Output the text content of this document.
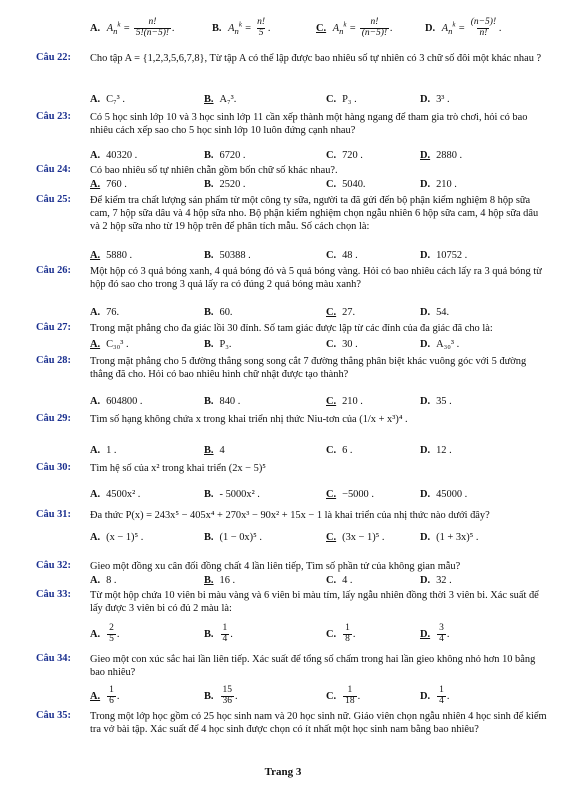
A. $A_n^k = \frac{n!}{5!(n-5)!}$ .	B. $A_n^k = \frac{n!}{5}$ .	C. $A_n^k = \frac{n!}{(n-5)!}$ .	D. $A_n^k = \frac{(n-5)!}{n!}$ .
Câu 22: Cho tập A = {1,2,3,5,6,7,8}, Từ tập A có thể lập được bao nhiêu số tự nhiên có 3 chữ số đôi một khác nhau ?
A. C₇³ .	B. A₇³.	C. P₃ .	D. 3³ .
Câu 23: Có 5 học sinh lớp 10 và 3 học sinh lớp 11 cần xếp thành một hàng ngang để tham gia trò chơi, hỏi có bao nhiêu cách xếp sao cho 5 học sinh lớp 10 luôn đứng cạnh nhau?
A. 40320 .	B. 6720 .	C. 720 .	D. 2880 .
Câu 24: Có bao nhiêu số tự nhiên chẵn gồm bốn chữ số khác nhau?.
A. 760 .	B. 2520 .	C. 5040.	D. 210 .
Câu 25: Để kiểm tra chất lượng sản phẩm từ một công ty sữa, người ta đã gửi đến bộ phận kiểm nghiệm 8 hộp sữa cam, 7 hộp sữa dâu và 4 hộp sữa nho. Bộ phận kiểm nghiệm chọn ngẫu nhiên 6 hộp sữa cam, 4 hộp sữa dâu và 2 hộp sữa nho từ 19 hộp trên để phân tích mẫu. Số cách chọn là:
A. 5880 .	B. 50388 .	C. 48 .	D. 10752 .
Câu 26: Một hộp có 3 quả bóng xanh, 4 quả bóng đỏ và 5 quả bóng vàng. Hỏi có bao nhiêu cách lấy ra 3 quả bóng từ hộp đó sao cho trong 3 quả lấy ra có đúng 2 quả bóng màu xanh?
A. 76.	B. 60.	C. 27.	D. 54.
Câu 27: Trong mặt phẳng cho đa giác lồi 30 đỉnh. Số tam giác được lập từ các đỉnh của đa giác đã cho là:
A. C₃₀³ .	B. P₃.	C. 30 .	D. A₃₀³ .
Câu 28: Trong mặt phẳng cho 5 đường thẳng song song cắt 7 đường thẳng phân biệt khác vuông góc với 5 đường thẳng đã cho. Hỏi có bao nhiêu hình chữ nhật được tạo thành?
A. 604800 .	B. 840 .	C. 210 .	D. 35 .
Câu 29: Tìm số hạng không chứa x trong khai triển nhị thức Niu-tơn của (1/x + x³)⁴ .
A. 1 .	B. 4	C. 6 .	D. 12 .
Câu 30: Tìm hệ số của x² trong khai triển (2x − 5)⁵
A. 4500x² .	B. - 5000x² .	C. −5000 .	D. 45000 .
Câu 31: Đa thức P(x) = 243x⁵ − 405x⁴ + 270x³ − 90x² + 15x − 1 là khai triển của nhị thức nào dưới đây?
A. (x − 1)⁵ .	B. (1 − 0x)⁵ .	C. (3x − 1)⁵ .	D. (1 + 3x)⁵ .
Câu 32: Gieo một đồng xu cân đối đồng chất 4 lần liên tiếp, Tìm số phần tử của không gian mẫu?
A. 8 .	B. 16 .	C. 4 .	D. 32 .
Câu 33: Từ một hộp chứa 10 viên bi màu vàng và 6 viên bi màu tím, lấy ngẫu nhiên đồng thời 3 viên bi. Xác suất để lấy được 3 viên bi có đủ 2 màu là:
A. $\frac{2}{5}$ .	B. $\frac{1}{4}$ .	C. $\frac{1}{8}$ .	D. $\frac{3}{4}$ .
Câu 34: Gieo một con xúc sắc hai lần liên tiếp. Xác suất để tổng số chấm trong hai lần gieo không nhỏ hơn 10 bằng bao nhiêu?
A. $\frac{1}{6}$ .	B. $\frac{15}{36}$ .	C. $\frac{1}{18}$ .	D. $\frac{1}{4}$ .
Câu 35: Trong một lớp học gồm có 25 học sinh nam và 20 học sinh nữ. Giáo viên chọn ngẫu nhiên 4 học sinh để kiểm tra vở bài tập. Xác suất để 4 học sinh được chọn có ít nhất một học sinh nam bằng bao nhiêu?
Trang 3
